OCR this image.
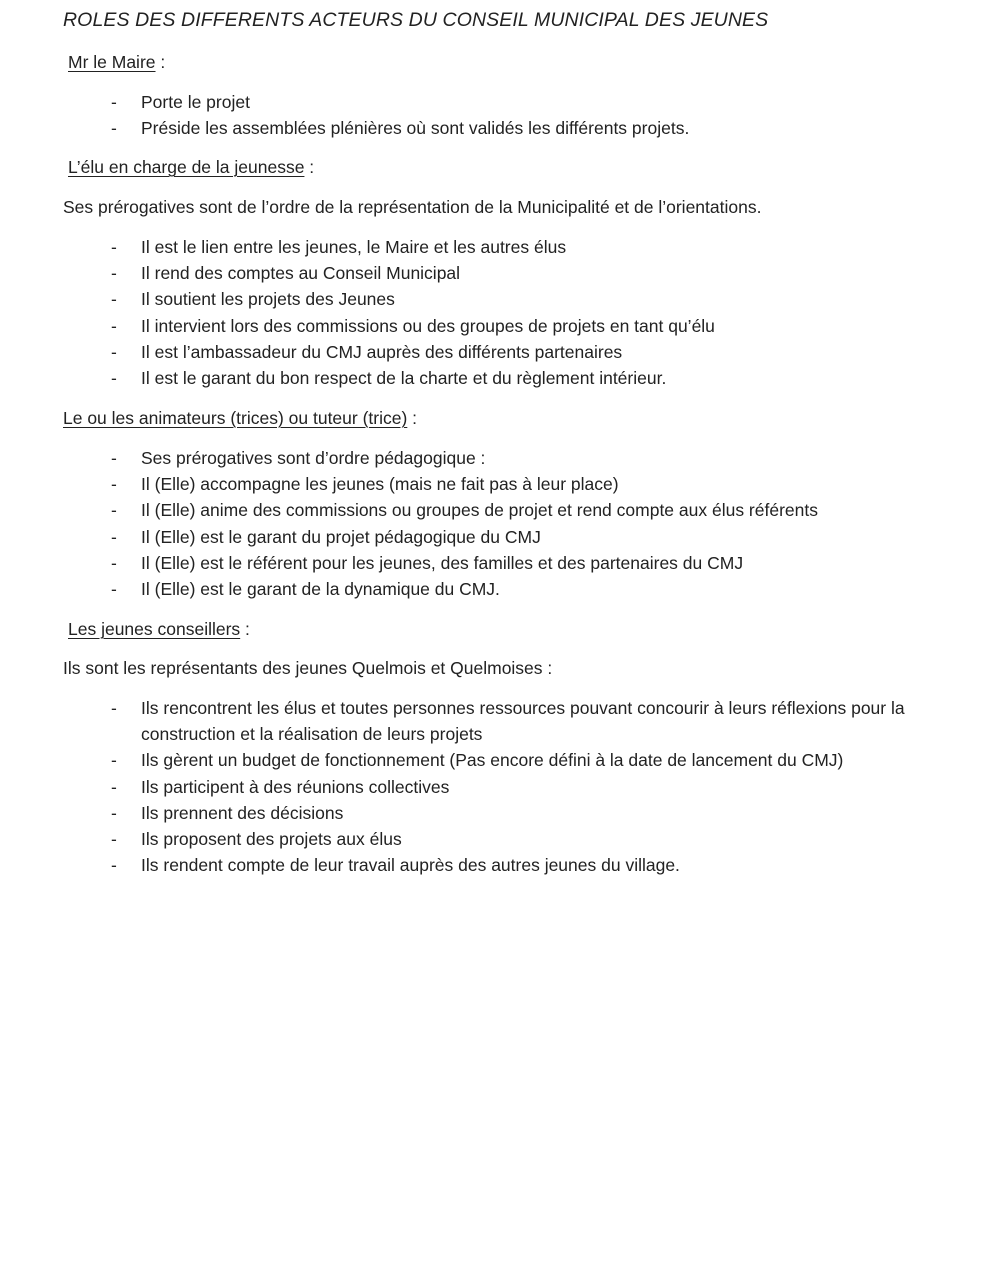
ROLES DES DIFFERENTS ACTEURS DU CONSEIL MUNICIPAL DES JEUNES
Mr le Maire :
- Porte le projet
- Préside les assemblées plénières où sont validés les différents projets.
L’élu en charge de la jeunesse :
Ses prérogatives sont de l’ordre de la représentation de la Municipalité et de l’orientations.
- Il est le lien entre les jeunes, le Maire et les autres élus
- Il rend des comptes au Conseil Municipal
- Il soutient les projets des Jeunes
- Il intervient lors des commissions ou des groupes de projets en tant qu’élu
- Il est l’ambassadeur du CMJ auprès des différents partenaires
- Il est le garant du bon respect de la charte et du règlement intérieur.
Le ou les animateurs (trices) ou tuteur (trice) :
- Ses prérogatives sont d’ordre pédagogique :
- Il (Elle) accompagne les jeunes (mais ne fait pas à leur place)
- Il (Elle) anime des commissions ou groupes de projet et rend compte aux élus référents
- Il (Elle) est le garant du projet pédagogique du CMJ
- Il (Elle) est le référent pour les jeunes, des familles et des partenaires du CMJ
- Il (Elle) est le garant de la dynamique du CMJ.
Les jeunes conseillers :
Ils sont les représentants des jeunes Quelmois et Quelmoises :
- Ils rencontrent les élus et toutes personnes ressources pouvant concourir à leurs réflexions pour la construction et la réalisation de leurs projets
- Ils gèrent un budget de fonctionnement (Pas encore défini à la date de lancement du CMJ)
- Ils participent à des réunions collectives
- Ils prennent des décisions
- Ils proposent des projets aux élus
- Ils rendent compte de leur travail auprès des autres jeunes du village.
